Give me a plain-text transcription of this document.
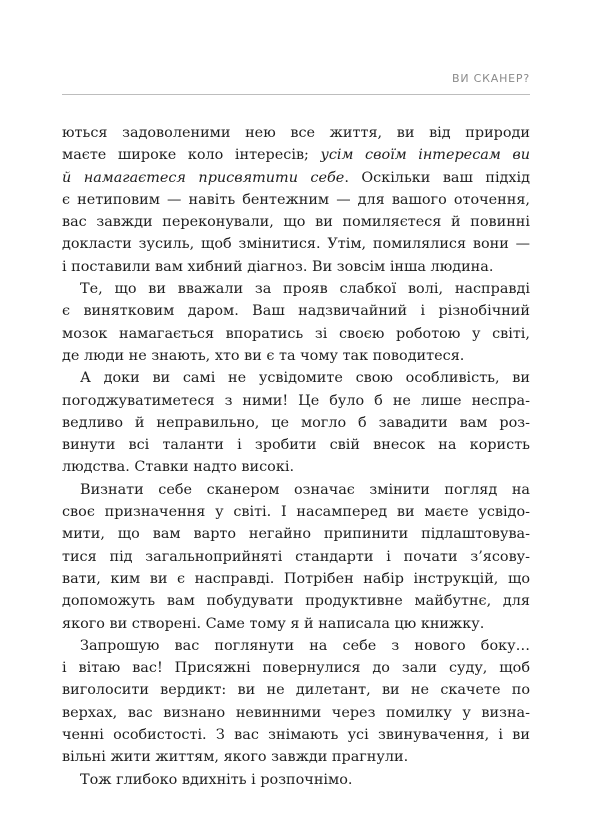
ВИ СКАНЕР?
ються задоволеними нею все життя, ви від природи
маєте широке коло інтересів; усім своїм інтересам ви
й намагаєтеся присвятити себе. Оскільки ваш підхід
є нетиповим — навіть бентежним — для вашого оточення,
вас завжди переконували, що ви помиляєтеся й повинні
докласти зусиль, щоб змінитися. Утім, помилялися вони —
і поставили вам хибний діагноз. Ви зовсім інша людина.
Те, що ви вважали за прояв слабкої волі, насправді
є винятковим даром. Ваш надзвичайний і різнобічний
мозок намагається впоратись зі своєю роботою у світі,
де люди не знають, хто ви є та чому так поводитеся.
А доки ви самі не усвідомите свою особливість, ви
погоджуватиметеся з ними! Це було б не лише неспра-
ведливо й неправильно, це могло б завадити вам роз-
винути всі таланти і зробити свій внесок на користь
людства. Ставки надто високі.
Визнати себе сканером означає змінити погляд на
своє призначення у світі. І насамперед ви маєте усвідо-
мити, що вам варто негайно припинити підлаштовува-
тися під загальноприйняті стандарти і почати з’ясову-
вати, ким ви є насправді. Потрібен набір інструкцій, що
допоможуть вам побудувати продуктивне майбутнє, для
якого ви створені. Саме тому я й написала цю книжку.
Запрошую вас поглянути на себе з нового боку…
і вітаю вас! Присяжні повернулися до зали суду, щоб
виголосити вердикт: ви не дилетант, ви не скачете по
верхах, вас визнано невинними через помилку у визна-
ченні особистості. З вас знімають усі звинувачення, і ви
вільні жити життям, якого завжди прагнули.
Тож глибоко вдихніть і розпочнімо.
